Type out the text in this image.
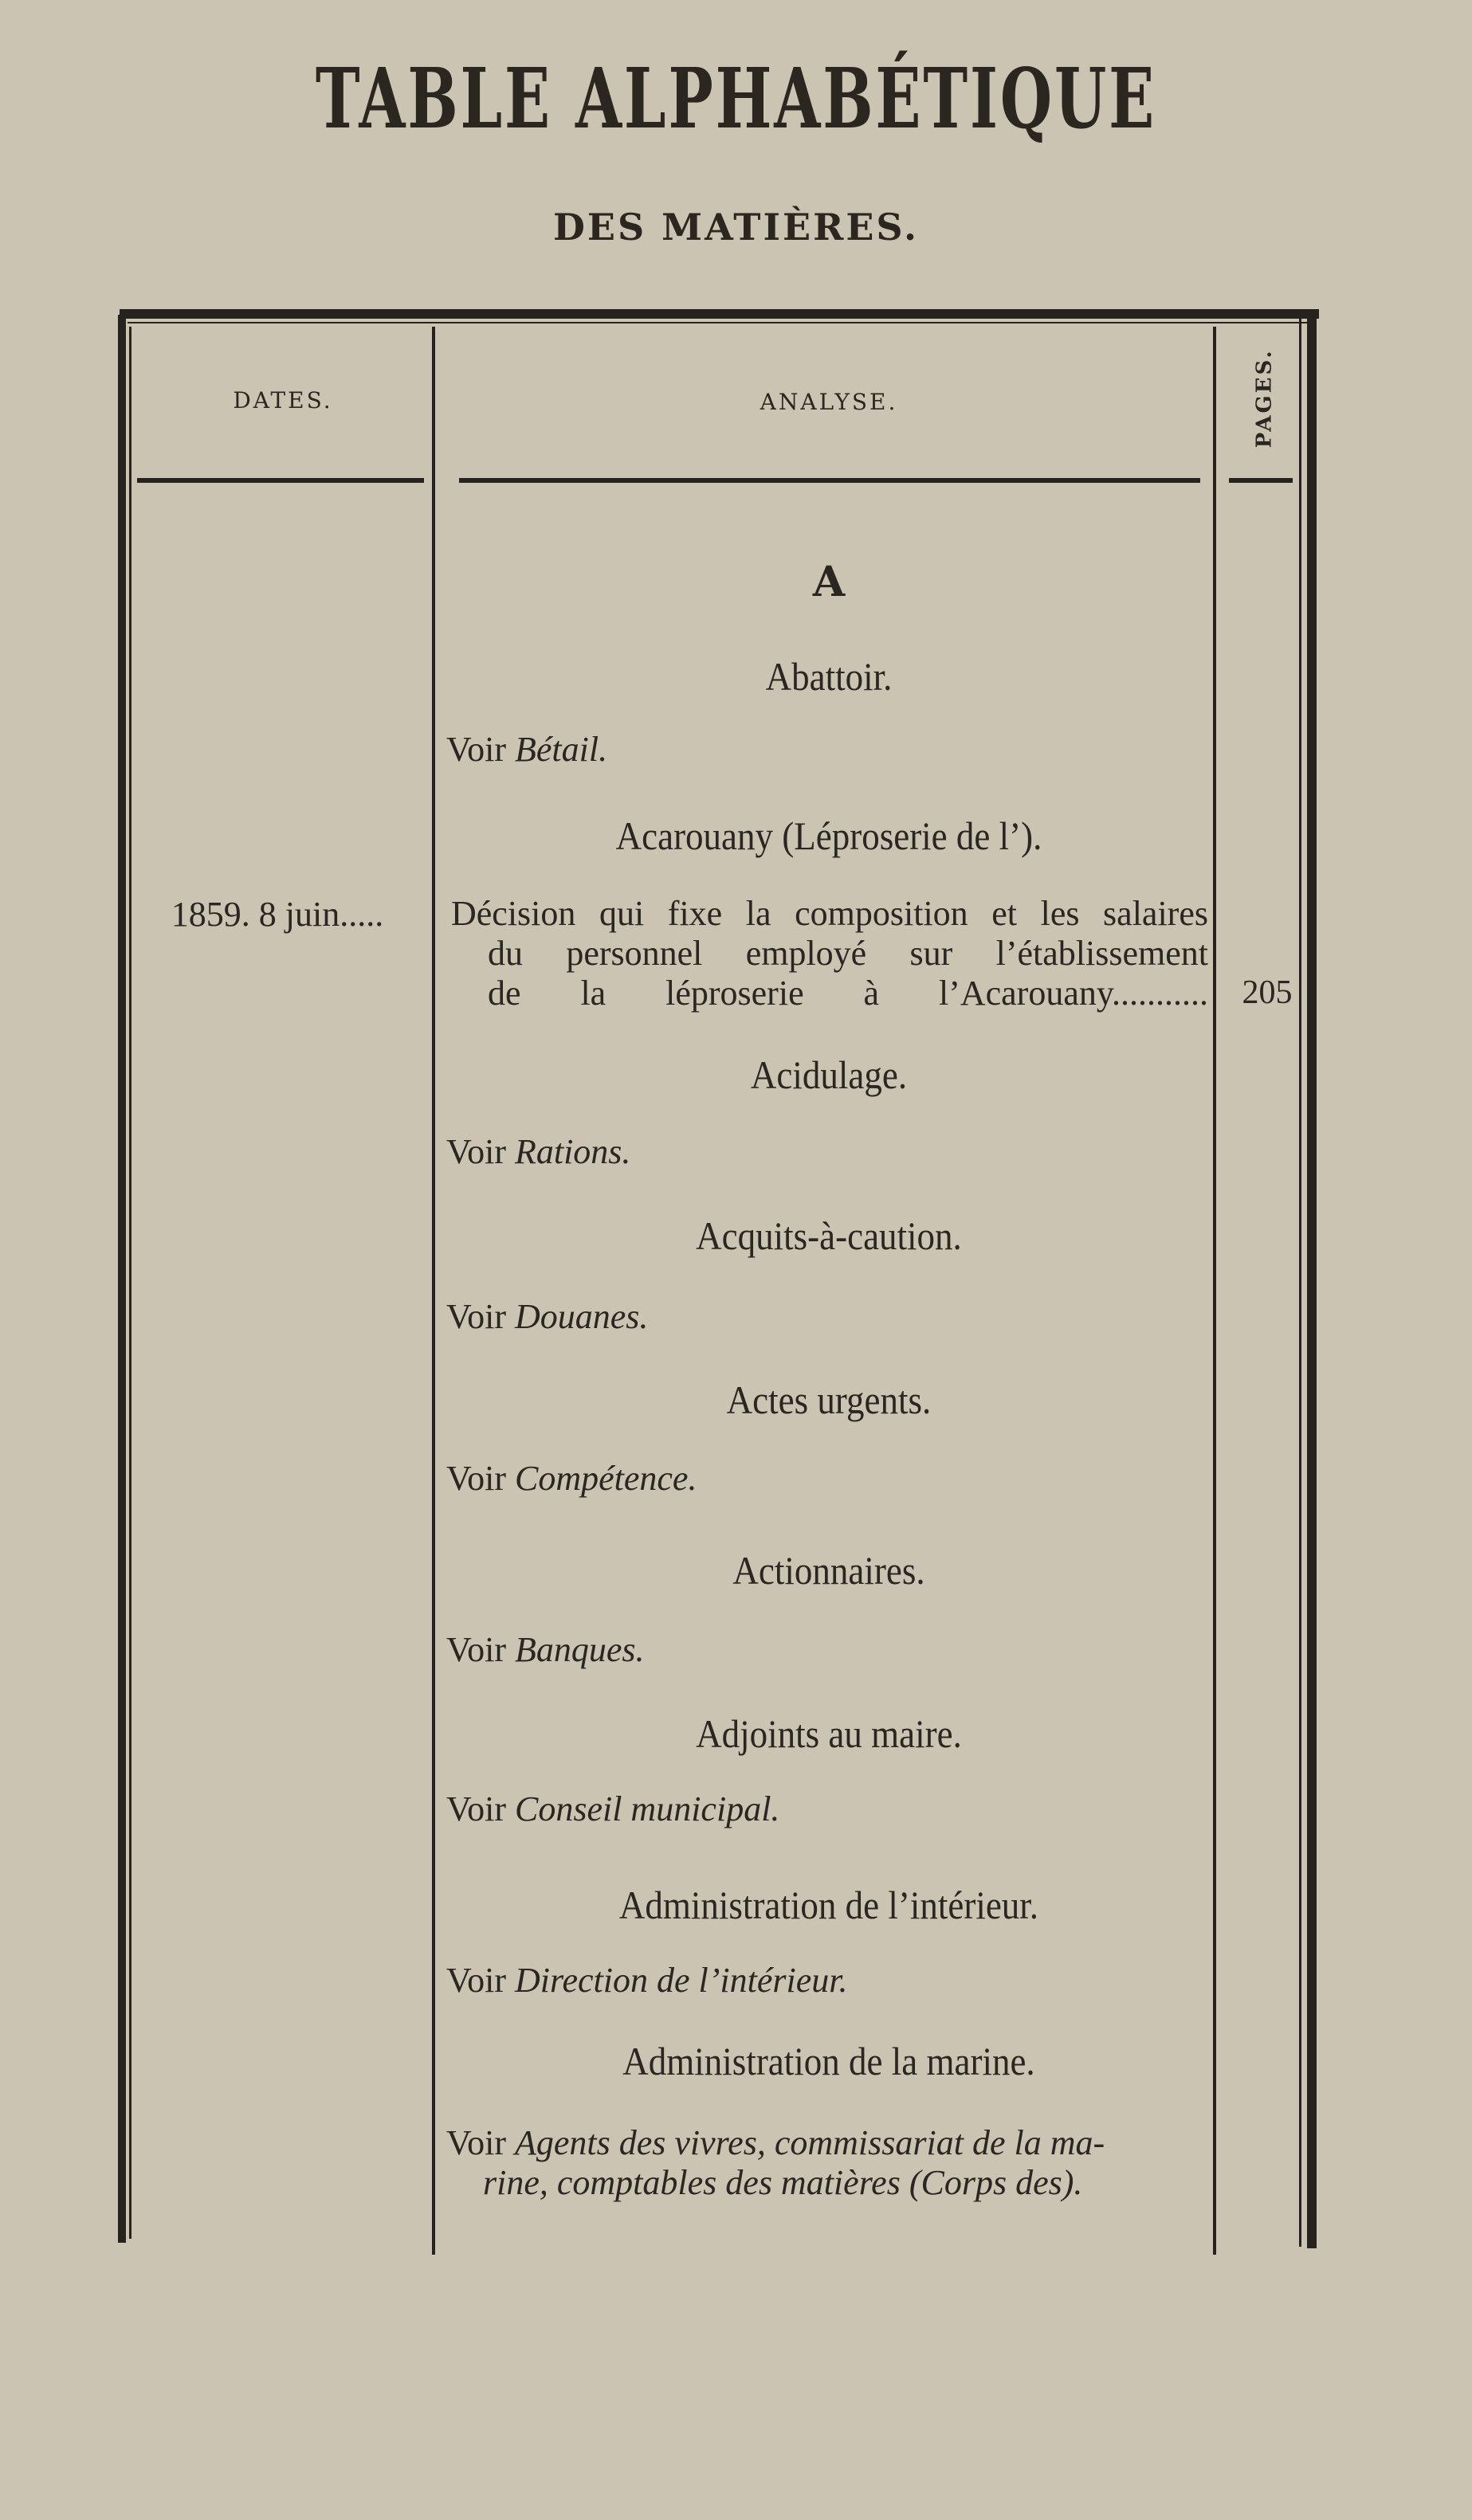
TABLE ALPHABÉTIQUE
DES MATIÈRES.
DATES.	ANALYSE.	PAGES.
A
Abattoir.
Voir Bétail.
Acarouany (Léproserie de l’).
1859. 8 juin.....	Décision qui fixe la composition et les salaires
du personnel employé sur l’établissement
de la léproserie à l’Acarouany...........	205
Acidulage.
Voir Rations.
Acquits-à-caution.
Voir Douanes.
Actes urgents.
Voir Compétence.
Actionnaires.
Voir Banques.
Adjoints au maire.
Voir Conseil municipal.
Administration de l’intérieur.
Voir Direction de l’intérieur.
Administration de la marine.
Voir Agents des vivres, commissariat de la ma-
rine, comptables des matières (Corps des).
